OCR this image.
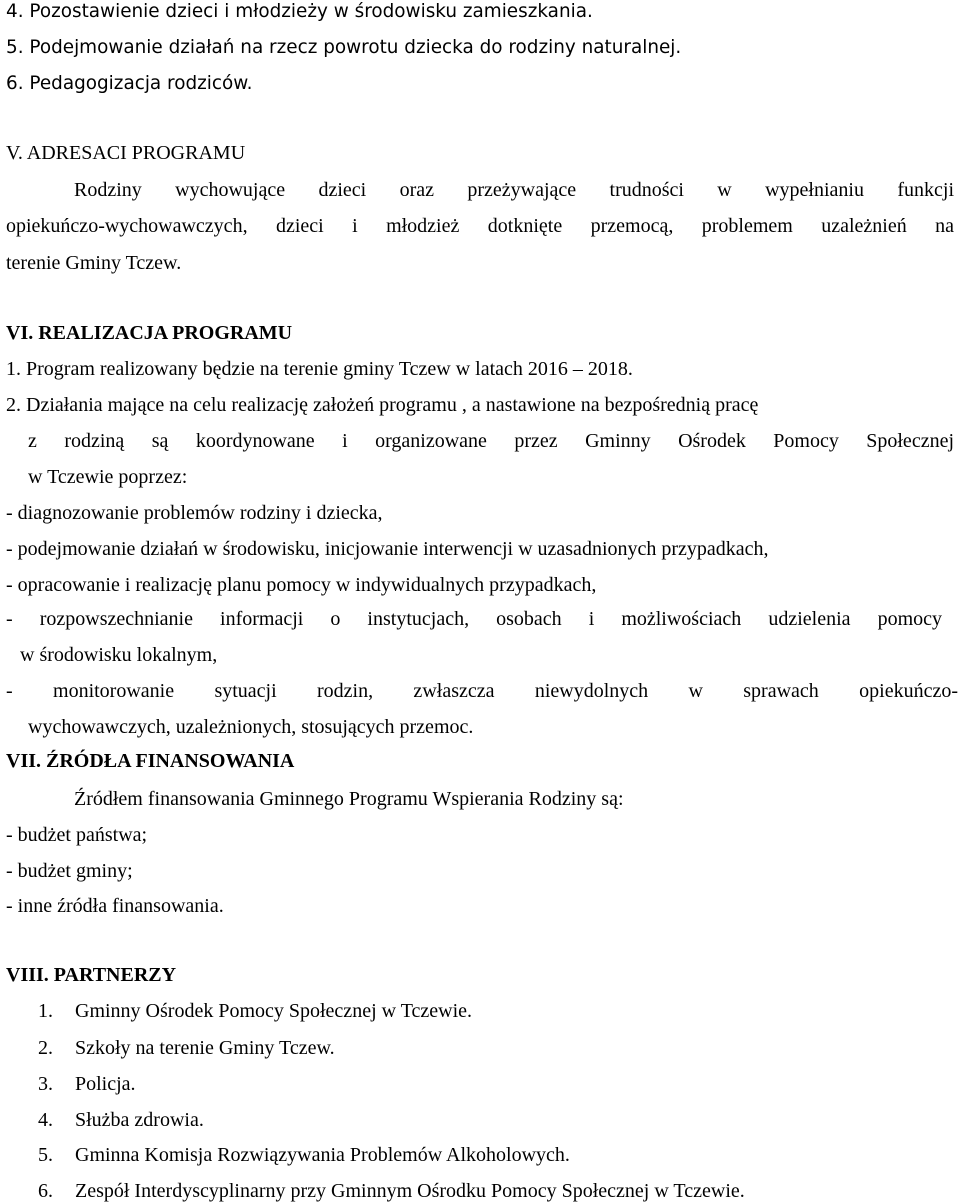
4. Pozostawienie dzieci i młodzieży w środowisku zamieszkania.

5. Podejmowanie działań na rzecz powrotu dziecka do rodziny naturalnej.

6. Pedagogizacja rodziców.

V. ADRESACI PROGRAMU

Rodziny wychowujące dzieci oraz przeżywające trudności w wypełnianiu funkcji

opiekuńczo-wychowawczych, dzieci i młodzież dotknięte przemocą, problemem uzależnień na

terenie Gminy Tczew.

VI. REALIZACJA PROGRAMU

1. Program realizowany będzie na terenie gminy Tczew w latach 2016 – 2018.

2. Działania mające na celu realizację założeń programu , a nastawione na bezpośrednią pracę

z rodziną są koordynowane i organizowane przez Gminny Ośrodek Pomocy Społecznej

w Tczewie poprzez:

- diagnozowanie problemów rodziny i dziecka,

- podejmowanie działań w środowisku, inicjowanie interwencji w uzasadnionych przypadkach,

- opracowanie i realizację planu pomocy w indywidualnych przypadkach,

- rozpowszechnianie informacji o instytucjach, osobach i możliwościach udzielenia pomocy

w środowisku lokalnym,

- monitorowanie sytuacji rodzin, zwłaszcza niewydolnych w sprawach opiekuńczo-

wychowawczych, uzależnionych, stosujących przemoc.

VII. ŹRÓDŁA FINANSOWANIA

Źródłem finansowania Gminnego Programu Wspierania Rodziny są:

- budżet państwa;

- budżet gminy;

- inne źródła finansowania.

VIII. PARTNERZY

1. Gminny Ośrodek Pomocy Społecznej w Tczewie.

2. Szkoły na terenie Gminy Tczew.

3. Policja.

4. Służba zdrowia.

5. Gminna Komisja Rozwiązywania Problemów Alkoholowych.

6. Zespół Interdyscyplinarny przy Gminnym Ośrodku Pomocy Społecznej w Tczewie.
